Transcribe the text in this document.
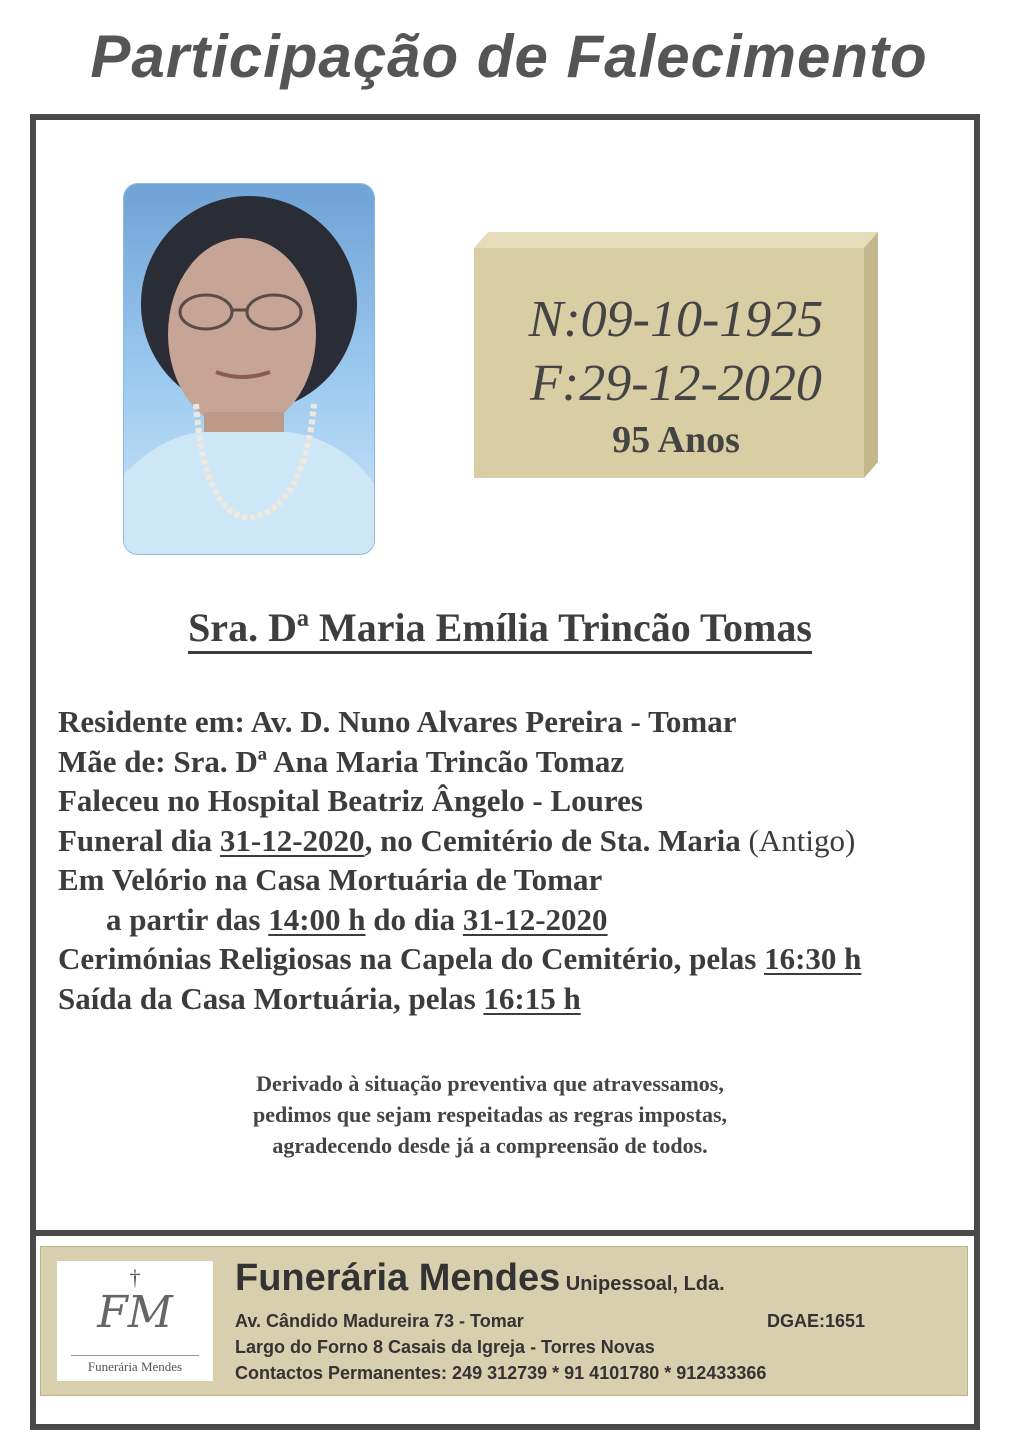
Participação de Falecimento
N:09-10-1925
F:29-12-2020
95 Anos
Sra. Dª Maria Emília Trincão Tomas
Residente em: Av. D. Nuno Alvares Pereira - Tomar
Mãe de: Sra. Dª Ana Maria Trincão Tomaz
Faleceu no Hospital Beatriz Ângelo - Loures
Funeral dia 31-12-2020, no Cemitério de Sta. Maria (Antigo)
Em Velório na Casa Mortuária de Tomar
a partir das 14:00 h do dia 31-12-2020
Cerimónias Religiosas na Capela do Cemitério, pelas 16:30 h
Saída da Casa Mortuária, pelas 16:15 h
Derivado à situação preventiva que atravessamos,
pedimos que sejam respeitadas as regras impostas,
agradecendo desde já a compreensão de todos.
†
FM
Funerária Mendes
Funerária Mendes Unipessoal, Lda.
Av. Cândido Madureira 73 - Tomar	DGAE:1651
Largo do Forno 8 Casais da Igreja - Torres Novas
Contactos Permanentes: 249 312739 * 91 4101780 * 912433366
